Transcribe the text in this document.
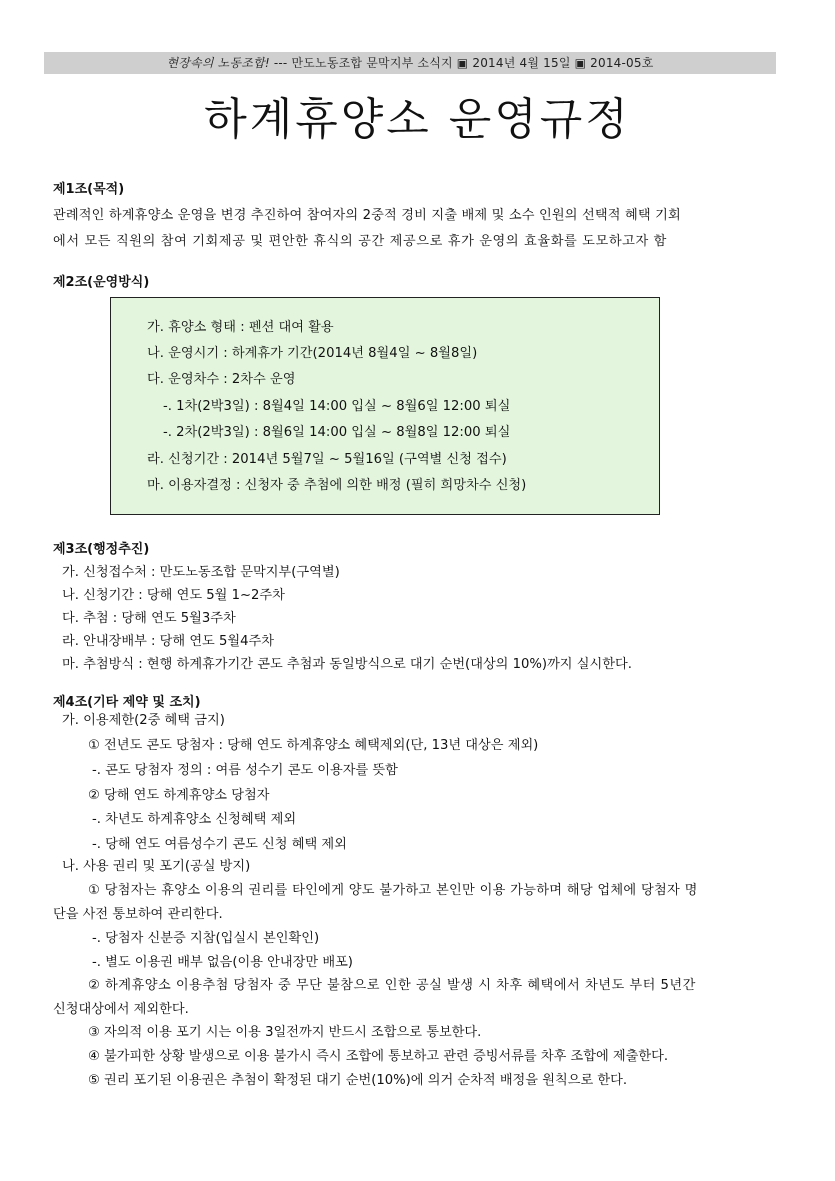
현장속의 노동조합! --- 만도노동조합 문막지부 소식지 ▣ 2014년 4월 15일 ▣ 2014-05호
하계휴양소 운영규정
제1조(목적)
관례적인 하계휴양소 운영을 변경 추진하여 참여자의 2중적 경비 지출 배제 및 소수 인원의 선택적 혜택 기회
에서 모든 직원의 참여 기회제공 및 편안한 휴식의 공간 제공으로 휴가 운영의 효율화를 도모하고자 함
제2조(운영방식)
가. 휴양소 형태 : 펜션 대여 활용
나. 운영시기 : 하계휴가 기간(2014년 8월4일 ~ 8월8일)
다. 운영차수 : 2차수 운영
-. 1차(2박3일) : 8월4일 14:00 입실 ~ 8월6일 12:00 퇴실
-. 2차(2박3일) : 8월6일 14:00 입실 ~ 8월8일 12:00 퇴실
라. 신청기간 : 2014년 5월7일 ~ 5월16일 (구역별 신청 접수)
마. 이용자결정 : 신청자 중 추첨에 의한 배정 (필히 희망차수 신청)
제3조(행정추진)
가. 신청접수처 : 만도노동조합 문막지부(구역별)
나. 신청기간 : 당해 연도 5월 1~2주차
다. 추첨 : 당해 연도 5월3주차
라. 안내장배부 : 당해 연도 5월4주차
마. 추첨방식 : 현행 하계휴가기간 콘도 추첨과 동일방식으로 대기 순번(대상의 10%)까지 실시한다.
제4조(기타 제약 및 조치)
가. 이용제한(2중 혜택 금지)
① 전년도 콘도 당첨자 : 당해 연도 하계휴양소 혜택제외(단, 13년 대상은 제외)
-. 콘도 당첨자 정의 : 여름 성수기 콘도 이용자를 뜻함
② 당해 연도 하계휴양소 당첨자
-. 차년도 하계휴양소 신청혜택 제외
-. 당해 연도 여름성수기 콘도 신청 혜택 제외
나. 사용 권리 및 포기(공실 방지)
① 당첨자는 휴양소 이용의 권리를 타인에게 양도 불가하고 본인만 이용 가능하며 해당 업체에 당첨자 명
단을 사전 통보하여 관리한다.
-. 당첨자 신분증 지참(입실시 본인확인)
-. 별도 이용권 배부 없음(이용 안내장만 배포)
② 하계휴양소 이용추첨 당첨자 중 무단 불참으로 인한 공실 발생 시 차후 혜택에서 차년도 부터 5년간
신청대상에서 제외한다.
③ 자의적 이용 포기 시는 이용 3일전까지 반드시 조합으로 통보한다.
④ 불가피한 상황 발생으로 이용 불가시 즉시 조합에 통보하고 관련 증빙서류를 차후 조합에 제출한다.
⑤ 권리 포기된 이용권은 추첨이 확정된 대기 순번(10%)에 의거 순차적 배정을 원칙으로 한다.
